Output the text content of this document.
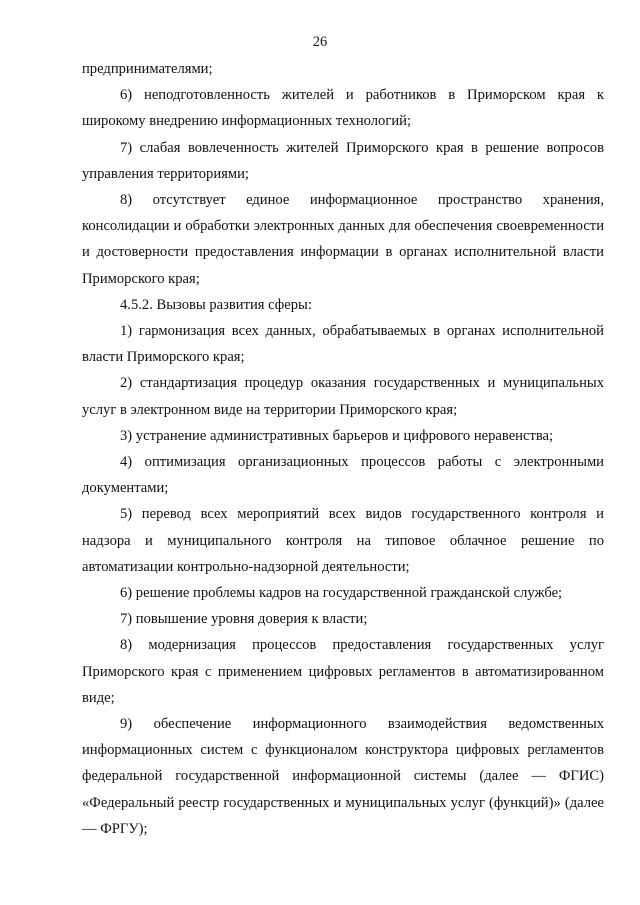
26

предпринимателями;

6) неподготовленность жителей и работников в Приморском края к широкому внедрению информационных технологий;

7) слабая вовлеченность жителей Приморского края в решение вопросов управления территориями;

8) отсутствует единое информационное пространство хранения, консолидации и обработки электронных данных для обеспечения своевременности и достоверности предоставления информации в органах исполнительной власти Приморского края;

4.5.2. Вызовы развития сферы:

1) гармонизация всех данных, обрабатываемых в органах исполнительной власти Приморского края;

2) стандартизация процедур оказания государственных и муниципальных услуг в электронном виде на территории Приморского края;

3) устранение административных барьеров и цифрового неравенства;

4) оптимизация организационных процессов работы с электронными документами;

5) перевод всех мероприятий всех видов государственного контроля и надзора и муниципального контроля на типовое облачное решение по автоматизации контрольно-надзорной деятельности;

6) решение проблемы кадров на государственной гражданской службе;

7) повышение уровня доверия к власти;

8) модернизация процессов предоставления государственных услуг Приморского края с применением цифровых регламентов в автоматизированном виде;

9) обеспечение информационного взаимодействия ведомственных информационных систем с функционалом конструктора цифровых регламентов федеральной государственной информационной системы (далее — ФГИС) «Федеральный реестр государственных и муниципальных услуг (функций)» (далее — ФРГУ);
